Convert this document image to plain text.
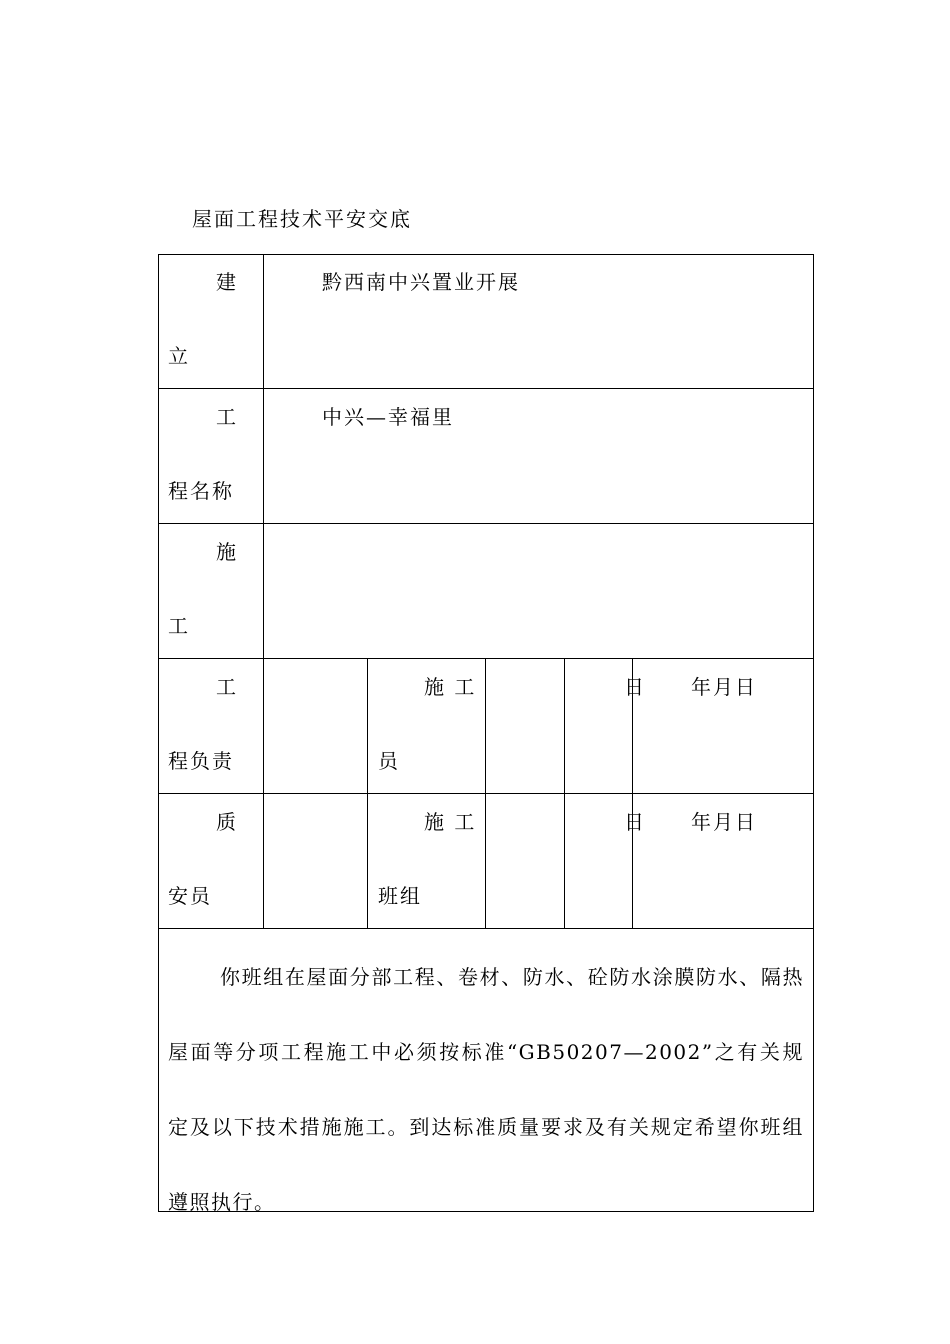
屋面工程技术平安交底
建
立
黔西南中兴置业开展
工
程名称
中兴—幸福里
施
工
工
程负责
施 工
员
日 年月日
质
安员
施 工
班组
日 年月日
你班组在屋面分部工程、卷材、防水、砼防水涂膜防水、隔热屋面等分项工程施工中必须按标准“GB50207—2002”之有关规定及以下技术措施施工。到达标准质量要求及有关规定希望你班组遵照执行。
